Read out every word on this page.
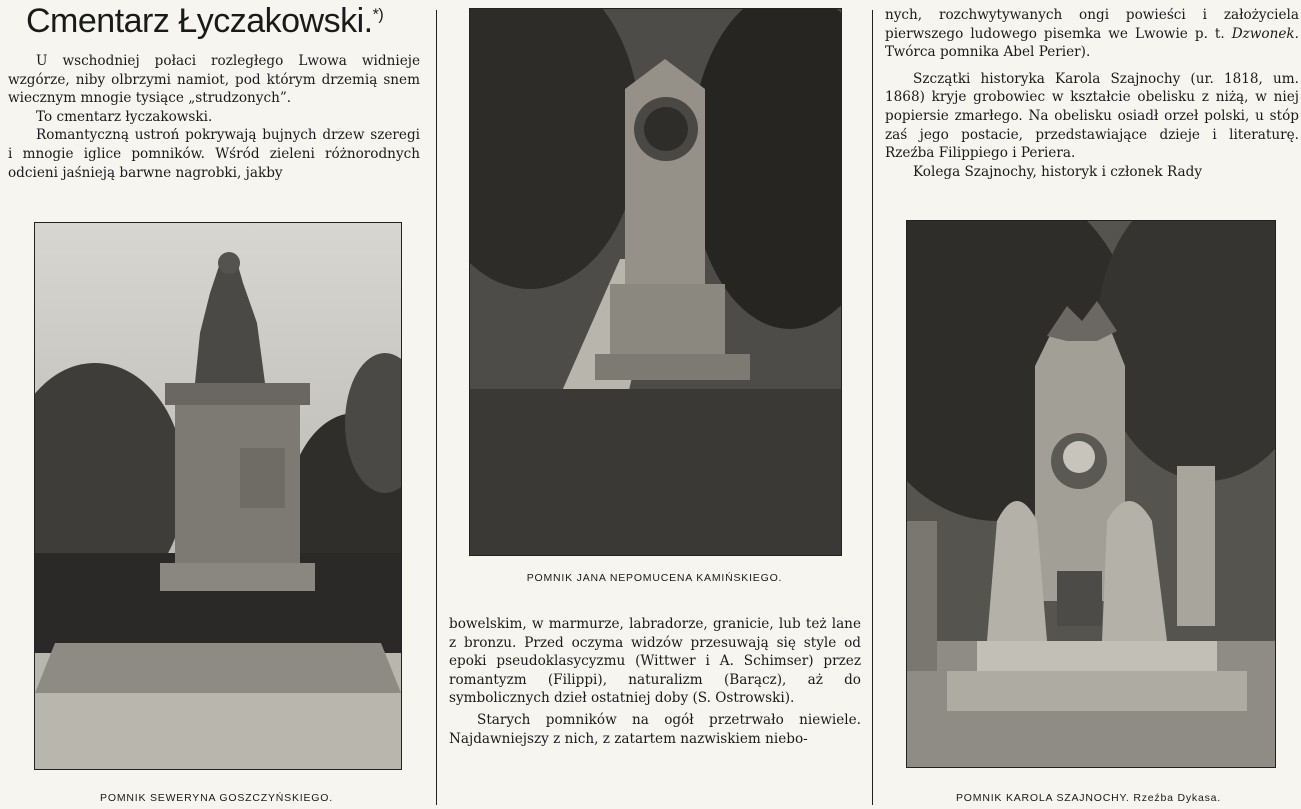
Cmentarz Łyczakowski.*)

U wschodniej połaci rozległego Lwowa widnieje wzgórze, niby olbrzymi namiot, pod którym drzemią snem wiecznym mnogie tysiące „strudzonych”.

To cmentarz łyczakowski.

Romantyczną ustroń pokrywają bujnych drzew szeregi i mnogie iglice pomników. Wśród zieleni różnorodnych odcieni jaśnieją barwne nagrobki, jakby

POMNIK SEWERYNA GOSZCZYŃSKIEGO.
POMNIK JANA NEPOMUCENA KAMIŃSKIEGO.

bowelskim, w marmurze, labradorze, granicie, lub też lane z bronzu. Przed oczyma widzów przesuwają się style od epoki pseudoklasycyzmu (Wittwer i A. Schimser) przez romantyzm (Filippi), naturalizm (Barącz), aż do symbolicznych dzieł ostatniej doby (S. Ostrowski).

Starych pomników na ogół przetrwało niewiele. Najdawniejszy z nich, z zatartem nazwiskiem niebo-

nych, rozchwytywanych ongi powieści i założyciela pierwszego ludowego pisemka we Lwowie p. t. Dzwonek. Twórca pomnika Abel Perier).

Szczątki historyka Karola Szajnochy (ur. 1818, um. 1868) kryje grobowiec w kształcie obelisku z niżą, w niej popiersie zmarłego. Na obelisku osiadł orzeł polski, u stóp zaś jego postacie, przedstawiające dzieje i literaturę. Rzeźba Filippiego i Periera.

Kolega Szajnochy, historyk i członek Rady

POMNIK KAROLA SZAJNOCHY. Rzeźba Dykasa.
